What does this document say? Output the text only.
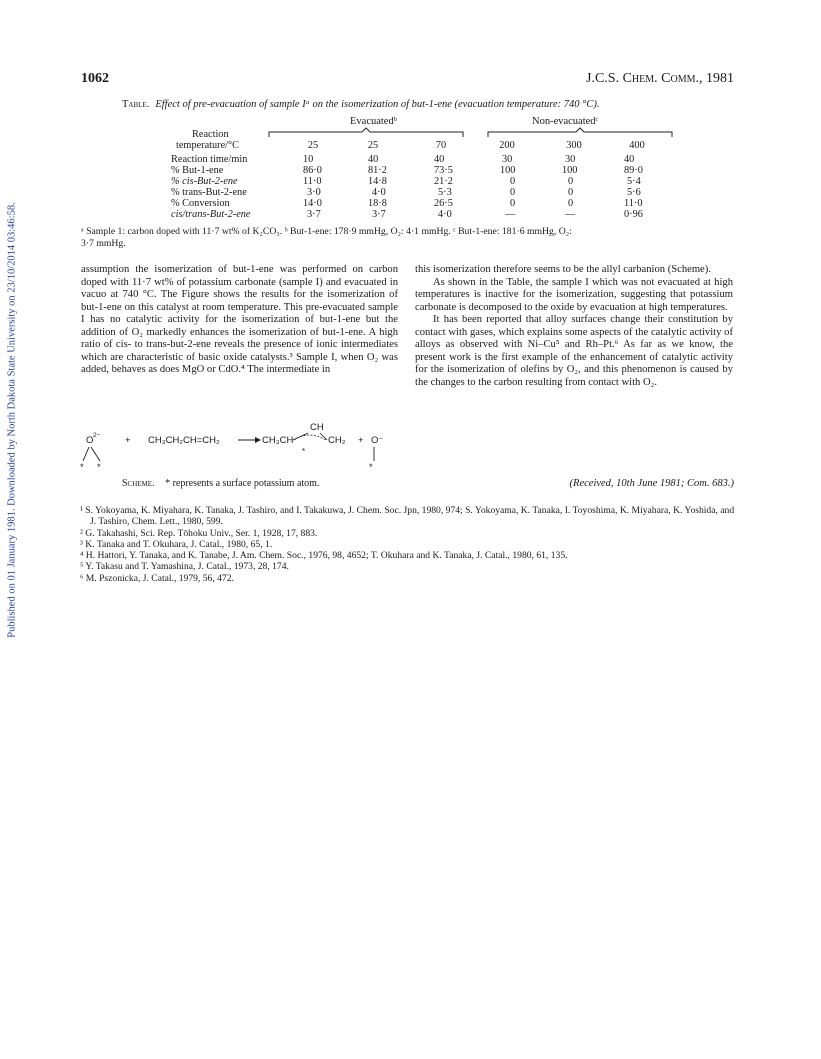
Published on 01 January 1981. Downloaded by North Dakota State University on 23/10/2014 03:46:58.
1062	J.C.S. Chem. Comm., 1981
Table. Effect of pre-evacuation of sample Iᵃ on the isomerization of but-1-ene (evacuation temperature: 740 °C).
Evacuatedᵇ	Non-evacuatedᶜ
Reaction
temperature/°C	25	25	70	200	300	400
Reaction time/min	10	40	40	30	30	40
% But-1-ene	86·0	81·2	73·5	100	100	89·0
% cis-But-2-ene	11·0	14·8	21·2	0	0	5·4
% trans-But-2-ene	3·0	4·0	5·3	0	0	5·6
% Conversion	14·0	18·8	26·5	0	0	11·0
cis/trans-But-2-ene	3·7	3·7	4·0	—	—	0·96
ᵃ Sample 1: carbon doped with 11·7 wt% of K₂CO₃. ᵇ But-1-ene: 178·9 mmHg, O₂: 4·1 mmHg. ᶜ But-1-ene: 181·6 mmHg, O₂:
3·7 mmHg.

assumption the isomerization of but-1-ene was performed on carbon doped with 11·7 wt% of potassium carbonate (sample I) and evacuated in vacuo at 740 °C. The Figure shows the results for the isomerization of but-1-ene on this catalyst at room temperature. This pre-evacuated sample I has no catalytic activity for the isomerization of but-1-ene but the addition of O₂ markedly enhances the isomerization of but-1-ene. A high ratio of cis- to trans-but-2-ene reveals the presence of ionic intermediates which are characteristic of basic oxide catalysts.³ Sample I, when O₂ was added, behaves as does MgO or CdO.⁴ The intermediate in

this isomerization therefore seems to be the allyl carbanion (Scheme).

As shown in the Table, the sample I which was not evacuated at high temperatures is inactive for the isomerization, suggesting that potassium carbonate is decomposed to the oxide by evacuation at high temperatures.

It has been reported that alloy surfaces change their constitution by contact with gases, which explains some aspects of the catalytic activity of alloys as observed with Ni–Cu⁵ and Rh–Pt.⁶ As far as we know, the present work is the first example of the enhancement of catalytic activity for the isomerization of olefins by O₂, and this phenomenon is caused by the changes to the carbon resulting from contact with O₂.

O 2−	+ CH₃CH₂CH=CH₂	CH₃CH
CH
CH₂ + O⁻
* *
*
*
Scheme. * represents a surface potassium atom.	(Received, 10th June 1981; Com. 683.)
¹ S. Yokoyama, K. Miyahara, K. Tanaka, J. Tashiro, and I. Takakuwa, J. Chem. Soc. Jpn, 1980, 974; S. Yokoyama, K. Tanaka, I. Toyoshima, K. Miyahara, K. Yoshida, and J. Tashiro, Chem. Lett., 1980, 599.
² G. Takahashi, Sci. Rep. Tōhoku Univ., Ser. 1, 1928, 17, 883.
³ K. Tanaka and T. Okuhara, J. Catal., 1980, 65, 1.
⁴ H. Hattori, Y. Tanaka, and K. Tanabe, J. Am. Chem. Soc., 1976, 98, 4652; T. Okuhara and K. Tanaka, J. Catal., 1980, 61, 135.
⁵ Y. Takasu and T. Yamashina, J. Catal., 1973, 28, 174.
⁶ M. Pszonicka, J. Catal., 1979, 56, 472.
